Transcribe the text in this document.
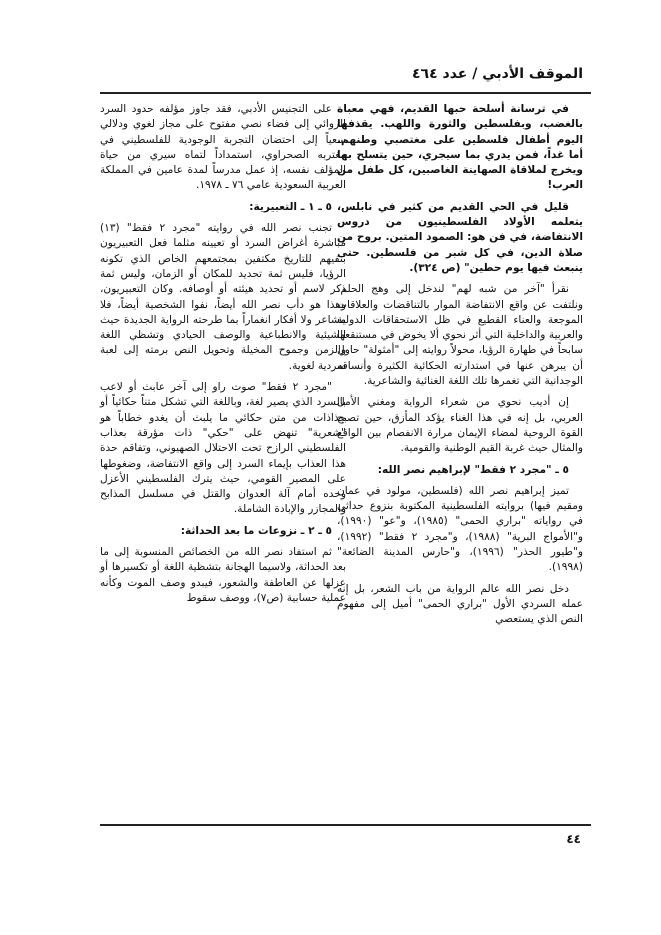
الموقف الأدبي / عدد ٤٦٤

في ترسانة أسلحة حبها القديم، فهي معباة بالغضب، وبفلسطين والثورة واللهب. يقذفها اليوم أطفال فلسطين على مغتصبي وطنهم. أما غداً، فمن يدري بما سيجري، حين يتسلح بها ويخرج لملاقاة الصهاينة الغاصبين، كل طفل من العرب!

قليل في الحي القديم من كثير في نابلس، يتعلمه الأولاد الفلسطينيون من دروس الانتفاضة، في فن هو: الصمود المتين. بروح من صلاة الدين، في كل شبر من فلسطين. حتى ينبعث فيها يوم حطين" (ص ٣٢٤).

نقرأ "آخر من شبه لهم" لندخل إلى وهج الحلم، ونلتفت عن واقع الانتفاضة الموار بالتناقضات والعلاقات الموجعة والعناء القطيع في ظل الاستحقاقات الدولية والعربية والداخلية التي أثر نحوي ألا يخوض في مستنقعها سابحاً في طهارة الرؤيا، محولاً روايته إلى "أمثولة" حاول أن يبرهن عنها في استدارته الحكائية الكثيرة وأنساقه الوجدانية التي تغمرها تلك اللغة الغنائية والشاعرية.

إن أديب نحوي من شعراء الرواية ومغني الأمل العربي، بل إنه في هذا الغناء يؤكد المأزق، حين تصبح القوة الروحية لمضاء الإيمان مرارة الانفصام بين الواقع والمثال حيث غربة القيم الوطنية والقومية.

٥ ـ "مجرد ٢ فقط" لإبراهيم نصر الله:

تميز إبراهيم نصر الله (فلسطين، مولود في عمان ومقيم فيها) بروايته الفلسطينية المكتوبة بنزوع حداثي في رواياته "براري الحمى" (١٩٨٥)، و"عو" (١٩٩٠)، و"الأمواج البرية" (١٩٨٨)، و"مجرد ٢ فقط" (١٩٩٢)، و"طيور الحذر" (١٩٩٦)، و"حارس المدينة الضائعة" (١٩٩٨).

دخل نصر الله عالم الرواية من باب الشعر، بل إنه عمله السردي الأول "براري الحمى" أميل إلى مفهوم النص الذي يستعصي

على التجنيس الأدبي، فقد جاوز مؤلفه حدود السرد الروائي إلى فضاء نصي مفتوح على مجاز لغوي ودلالي سعياً إلى احتضان التجربة الوجودية للفلسطيني في مغتربه الصحراوي، استمداداً لتماه سيري من حياة المؤلف نفسه، إذ عمل مدرساً لمدة عامين في المملكة العربية السعودية عامي ٧٦ ـ ١٩٧٨.

٥ ـ ١ ـ التعبيرية:

تجنب نصر الله في روايته "مجرد ٢ فقط" (١٣) مباشرة أغراض السرد أو تعيينه مثلما فعل التعبيريون بنفيهم للتاريخ مكتفين بمجتمعهم الخاص الذي تكونه الرؤيا، فليس ثمة تحديد للمكان أو الزمان، وليس ثمة ذكر لاسم أو تحديد هيئته أو أوصافه. وكان التعبيريون، وهذا هو دأب نصر الله أيضاً، نفوا الشخصية أيضاً، فلا مشاعر ولا أفكار انغماراً بما طرحته الرواية الجديدة حيث الشيئية والانطباعية والوصف الحيادي وتشظي اللغة والزمن وجموح المخيلة وتحويل النص برمته إلى لعبة سردية لغوية.

"مجرد ٢ فقط" صوت راو إلى آخر عابث أو لاعب بالسرد الذي يصير لغة، وباللغة التي تشكل متناً حكائياً أو جذاذات من متن حكائي ما يلبث أن يغدو خطاباً هو "شعرية" تنهض على "حكي" ذات مؤرقة بعذاب الفلسطيني الرازح تحت الاحتلال الصهيوني، وتفاقم حدة هذا العذاب بإيماء السرد إلى واقع الانتفاضة، وضغوطها على المصير القومي، حيث يترك الفلسطيني الأعزل وحده أمام آلة العدوان والقتل في مسلسل المذابح والمجازر والإبادة الشاملة.

٥ ـ ٢ ـ نزوعات ما بعد الحداثة:

ثم استفاد نصر الله من الخصائص المنسوبة إلى ما بعد الحداثة، ولاسيما الهجانة بتشظية اللغة أو تكسيرها أو عزلها عن العاطفة والشعور، فيبدو وصف الموت وكأنه عملية حسابية (ص٧)، ووصف سقوط

٤٤
